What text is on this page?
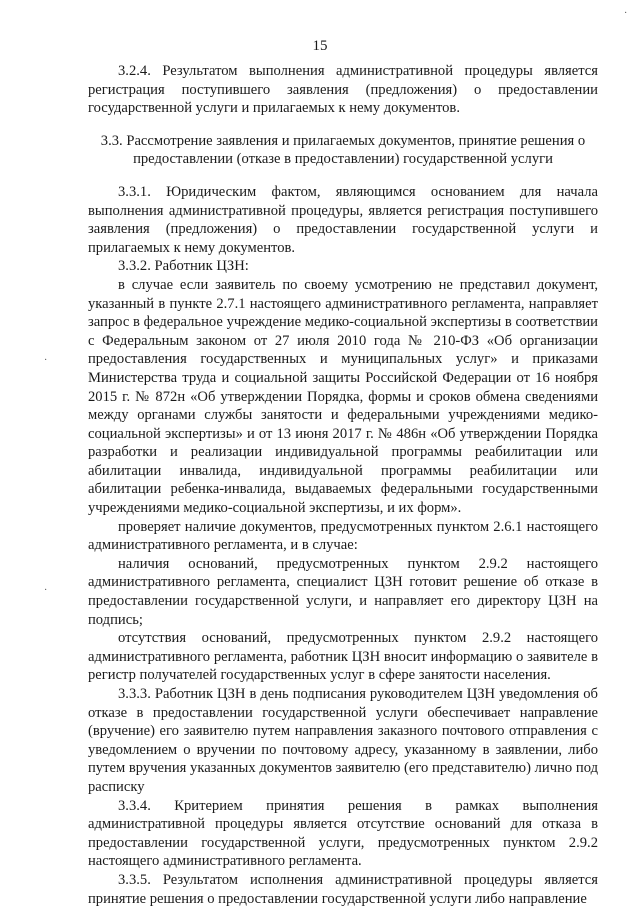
15
·
·
·

3.2.4. Результатом выполнения административной процедуры является регистрация поступившего заявления (предложения) о предоставлении государственной услуги и прилагаемых к нему документов.

3.3. Рассмотрение заявления и прилагаемых документов, принятие решения о предоставлении (отказе в предоставлении) государственной услуги

3.3.1. Юридическим фактом, являющимся основанием для начала выполнения административной процедуры, является регистрация поступившего заявления (предложения) о предоставлении государственной услуги и прилагаемых к нему документов.

3.3.2. Работник ЦЗН:

в случае если заявитель по своему усмотрению не представил документ, указанный в пункте 2.7.1 настоящего административного регламента, направляет запрос в федеральное учреждение медико-социальной экспертизы в соответствии с Федеральным законом от 27 июля 2010 года № 210-ФЗ «Об организации предоставления государственных и муниципальных услуг» и приказами Министерства труда и социальной защиты Российской Федерации от 16 ноября 2015 г. № 872н «Об утверждении Порядка, формы и сроков обмена сведениями между органами службы занятости и федеральными учреждениями медико-социальной экспертизы» и от 13 июня 2017 г. № 486н «Об утверждении Порядка разработки и реализации индивидуальной программы реабилитации или абилитации инвалида, индивидуальной программы реабилитации или абилитации ребенка-инвалида, выдаваемых федеральными государственными учреждениями медико-социальной экспертизы, и их форм».

проверяет наличие документов, предусмотренных пунктом 2.6.1 настоящего административного регламента, и в случае:

наличия оснований, предусмотренных пунктом 2.9.2 настоящего административного регламента, специалист ЦЗН готовит решение об отказе в предоставлении государственной услуги, и направляет его директору ЦЗН на подпись;

отсутствия оснований, предусмотренных пунктом 2.9.2 настоящего административного регламента, работник ЦЗН вносит информацию о заявителе в регистр получателей государственных услуг в сфере занятости населения.

3.3.3. Работник ЦЗН в день подписания руководителем ЦЗН уведомления об отказе в предоставлении государственной услуги обеспечивает направление (вручение) его заявителю путем направления заказного почтового отправления с уведомлением о вручении по почтовому адресу, указанному в заявлении, либо путем вручения указанных документов заявителю (его представителю) лично под расписку

3.3.4. Критерием принятия решения в рамках выполнения административной процедуры является отсутствие оснований для отказа в предоставлении государственной услуги, предусмотренных пунктом 2.9.2 настоящего административного регламента.

3.3.5. Результатом исполнения административной процедуры является принятие решения о предоставлении государственной услуги либо направление
